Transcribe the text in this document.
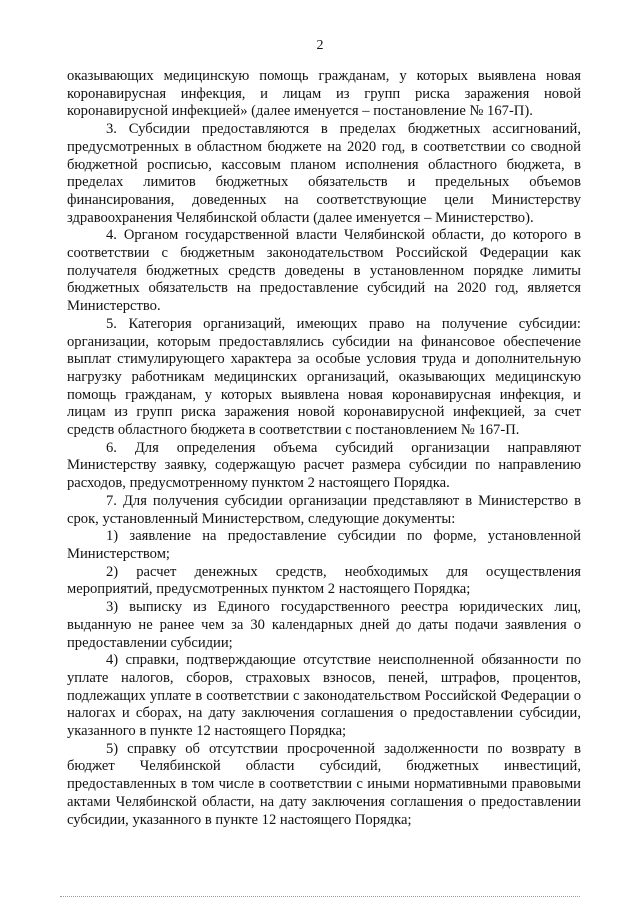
2

оказывающих медицинскую помощь гражданам, у которых выявлена новая коронавирусная инфекция, и лицам из групп риска заражения новой коронавирусной инфекцией» (далее именуется – постановление № 167-П).

3. Субсидии предоставляются в пределах бюджетных ассигнований, предусмотренных в областном бюджете на 2020 год, в соответствии со сводной бюджетной росписью, кассовым планом исполнения областного бюджета, в пределах лимитов бюджетных обязательств и предельных объемов финансирования, доведенных на соответствующие цели Министерству здравоохранения Челябинской области (далее именуется – Министерство).

4. Органом государственной власти Челябинской области, до которого в соответствии с бюджетным законодательством Российской Федерации как получателя бюджетных средств доведены в установленном порядке лимиты бюджетных обязательств на предоставление субсидий на 2020 год, является Министерство.

5. Категория организаций, имеющих право на получение субсидии: организации, которым предоставлялись субсидии на финансовое обеспечение выплат стимулирующего характера за особые условия труда и дополнительную нагрузку работникам медицинских организаций, оказывающих медицинскую помощь гражданам, у которых выявлена новая коронавирусная инфекция, и лицам из групп риска заражения новой коронавирусной инфекцией, за счет средств областного бюджета в соответствии с постановлением № 167-П.

6. Для определения объема субсидий организации направляют Министерству заявку, содержащую расчет размера субсидии по направлению расходов, предусмотренному пунктом 2 настоящего Порядка.

7. Для получения субсидии организации представляют в Министерство в срок, установленный Министерством, следующие документы:

1) заявление на предоставление субсидии по форме, установленной Министерством;

2) расчет денежных средств, необходимых для осуществления мероприятий, предусмотренных пунктом 2 настоящего Порядка;

3) выписку из Единого государственного реестра юридических лиц, выданную не ранее чем за 30 календарных дней до даты подачи заявления о предоставлении субсидии;

4) справки, подтверждающие отсутствие неисполненной обязанности по уплате налогов, сборов, страховых взносов, пеней, штрафов, процентов, подлежащих уплате в соответствии с законодательством Российской Федерации о налогах и сборах, на дату заключения соглашения о предоставлении субсидии, указанного в пункте 12 настоящего Порядка;

5) справку об отсутствии просроченной задолженности по возврату в бюджет Челябинской области субсидий, бюджетных инвестиций, предоставленных в том числе в соответствии с иными нормативными правовыми актами Челябинской области, на дату заключения соглашения о предоставлении субсидии, указанного в пункте 12 настоящего Порядка;
